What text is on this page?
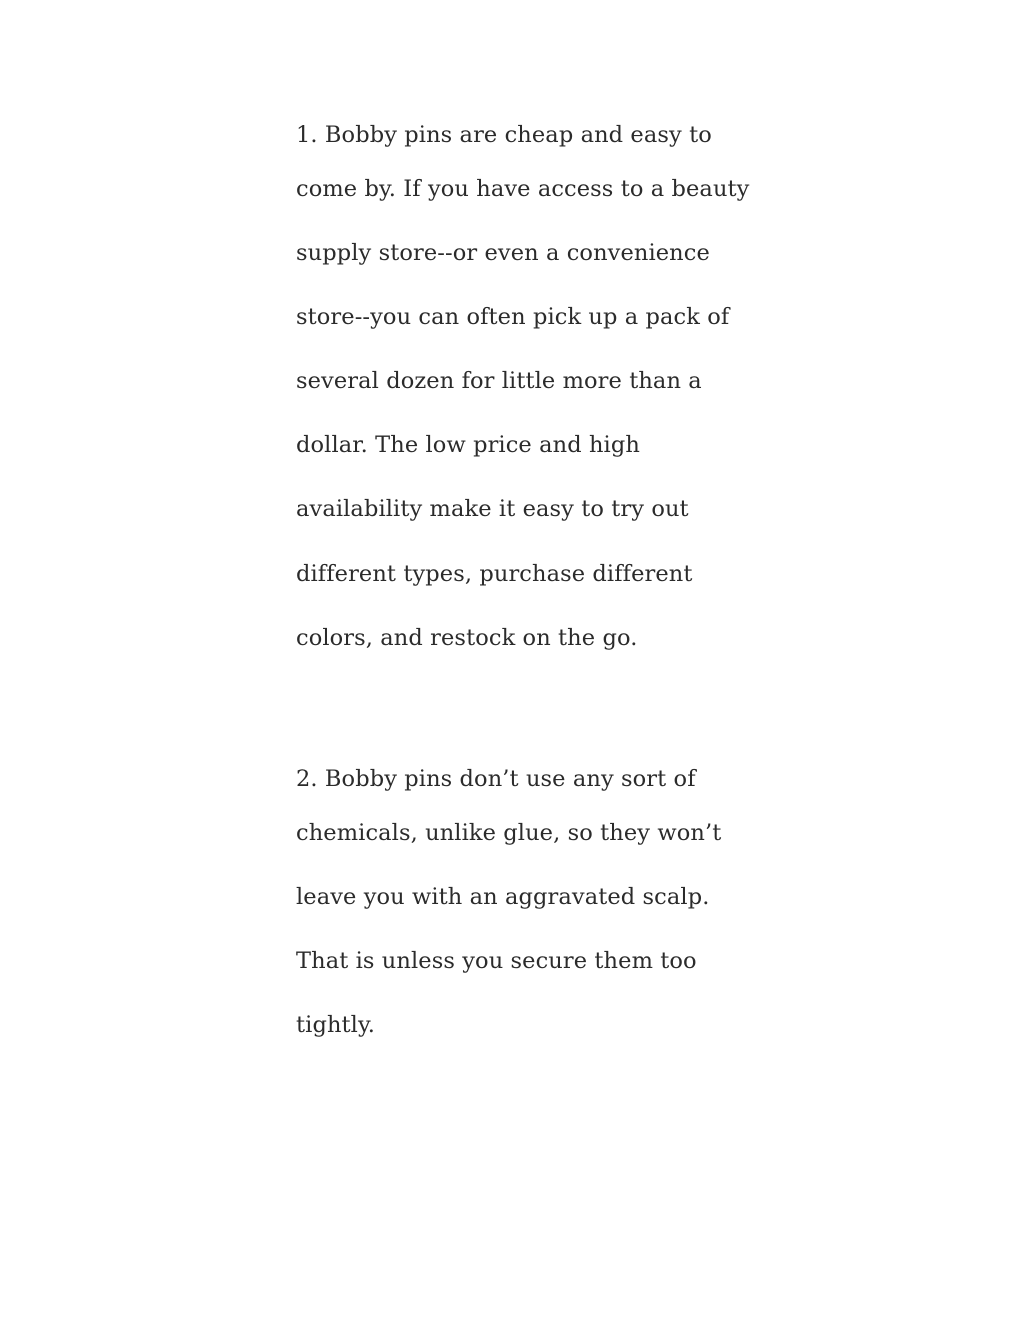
1. Bobby pins are cheap and easy to
come by. If you have access to a beauty
supply store--or even a convenience
store--you can often pick up a pack of
several dozen for little more than a
dollar. The low price and high
availability make it easy to try out
different types, purchase different
colors, and restock on the go.
2. Bobby pins don’t use any sort of
chemicals, unlike glue, so they won’t
leave you with an aggravated scalp.
That is unless you secure them too
tightly.
